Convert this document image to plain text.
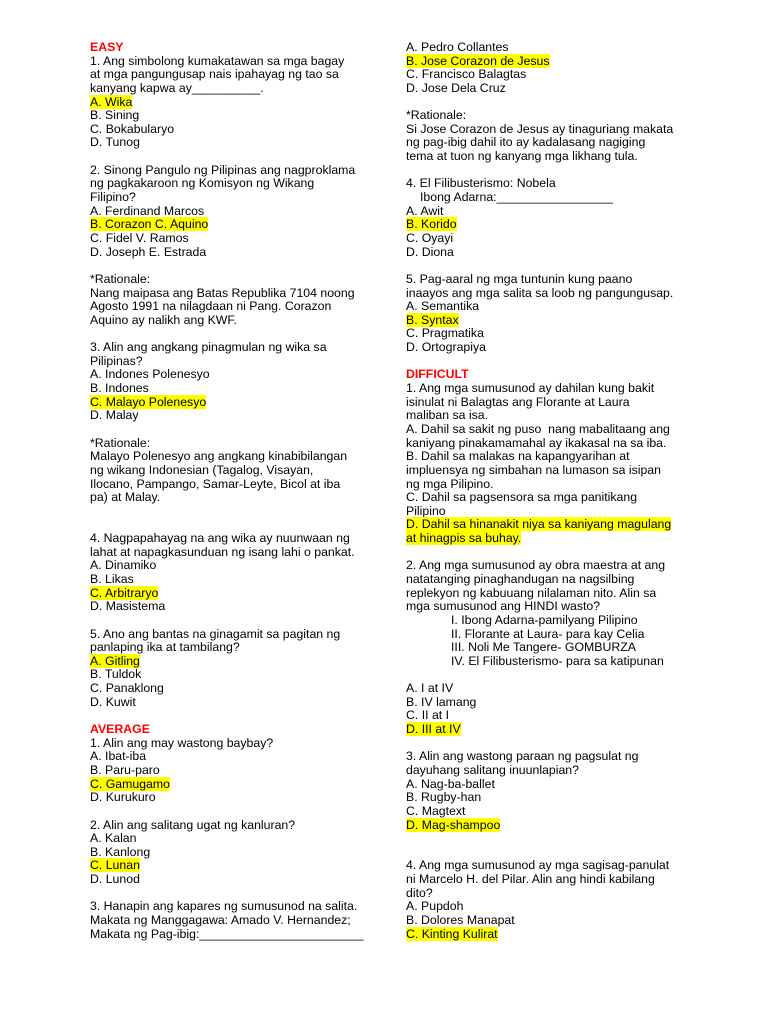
EASY
1. Ang simbolong kumakatawan sa mga bagay
at mga pangungusap nais ipahayag ng tao sa
kanyang kapwa ay__________.
A. Wika
B. Sining
C. Bokabularyo
D. Tunog
2. Sinong Pangulo ng Pilipinas ang nagproklama
ng pagkakaroon ng Komisyon ng Wikang
Filipino?
A. Ferdinand Marcos
B. Corazon C. Aquino
C. Fidel V. Ramos
D. Joseph E. Estrada
*Rationale:
Nang maipasa ang Batas Republika 7104 noong
Agosto 1991 na nilagdaan ni Pang. Corazon
Aquino ay nalikh ang KWF.
3. Alin ang angkang pinagmulan ng wika sa
Pilipinas?
A. Indones Polenesyo
B. Indones
C. Malayo Polenesyo
D. Malay
*Rationale:
Malayo Polenesyo ang angkang kinabibilangan
ng wikang Indonesian (Tagalog, Visayan,
Ilocano, Pampango, Samar-Leyte, Bicol at iba
pa) at Malay.
4. Nagpapahayag na ang wika ay nuunwaan ng
lahat at napagkasunduan ng isang lahi o pankat.
A. Dinamiko
B. Likas
C. Arbitraryo
D. Masistema
5. Ano ang bantas na ginagamit sa pagitan ng
panlaping ika at tambilang?
A. Gitling
B. Tuldok
C. Panaklong
D. Kuwit
AVERAGE
1. Alin ang may wastong baybay?
A. Ibat-iba
B. Paru-paro
C. Gamugamo
D. Kurukuro
2. Alin ang salitang ugat ng kanluran?
A. Kalan
B. Kanlong
C. Lunan
D. Lunod
3. Hanapin ang kapares ng sumusunod na salita.
Makata ng Manggagawa: Amado V. Hernandez;
Makata ng Pag-ibig:________________________
A. Pedro Collantes
B. Jose Corazon de Jesus
C. Francisco Balagtas
D. Jose Dela Cruz
*Rationale:
Si Jose Corazon de Jesus ay tinaguriang makata
ng pag-ibig dahil ito ay kadalasang nagiging
tema at tuon ng kanyang mga likhang tula.
4. El Filibusterismo: Nobela
Ibong Adarna:_________________
A. Awit
B. Korido
C. Oyayi
D. Diona
5. Pag-aaral ng mga tuntunin kung paano
inaayos ang mga salita sa loob ng pangungusap.
A. Semantika
B. Syntax
C. Pragmatika
D. Ortograpiya
DIFFICULT
1. Ang mga sumusunod ay dahilan kung bakit
isinulat ni Balagtas ang Florante at Laura
maliban sa isa.
A. Dahil sa sakit ng puso  nang mabalitaang ang
kaniyang pinakamamahal ay ikakasal na sa iba.
B. Dahil sa malakas na kapangyarihan at
impluensya ng simbahan na lumason sa isipan
ng mga Pilipino.
C. Dahil sa pagsensora sa mga panitikang
Pilipino
D. Dahil sa hinanakit niya sa kaniyang magulang
at hinagpis sa buhay.
2. Ang mga sumusunod ay obra maestra at ang
natatanging pinaghandugan na nagsilbing
replekyon ng kabuuang nilalaman nito. Alin sa
mga sumusunod ang HINDI wasto?
I. Ibong Adarna-pamilyang Pilipino
II. Florante at Laura- para kay Celia
III. Noli Me Tangere- GOMBURZA
IV. El Filibusterismo- para sa katipunan
A. I at IV
B. IV lamang
C. II at I
D. III at IV
3. Alin ang wastong paraan ng pagsulat ng
dayuhang salitang inuunlapian?
A. Nag-ba-ballet
B. Rugby-han
C. Magtext
D. Mag-shampoo
4. Ang mga sumusunod ay mga sagisag-panulat
ni Marcelo H. del Pilar. Alin ang hindi kabilang
dito?
A. Pupdoh
B. Dolores Manapat
C. Kinting Kulirat
